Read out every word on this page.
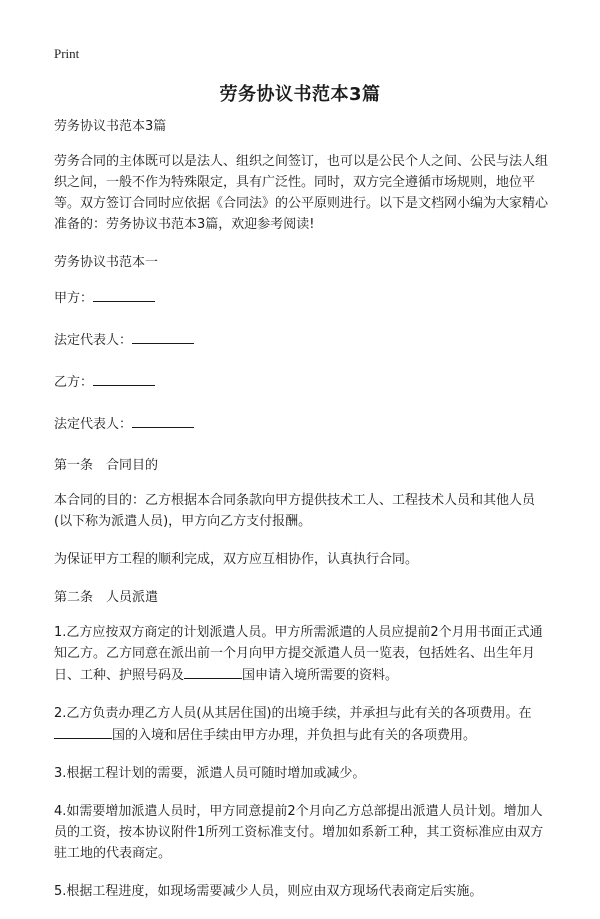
Print
劳务协议书范本3篇

劳务协议书范本3篇

劳务合同的主体既可以是法人、组织之间签订，也可以是公民个人之间、公民与法人组织之间，一般不作为特殊限定，具有广泛性。同时，双方完全遵循市场规则，地位平等。双方签订合同时应依据《合同法》的公平原则进行。以下是文档网小编为大家精心准备的：劳务协议书范本3篇，欢迎参考阅读!

劳务协议书范本一

甲方：
法定代表人：
乙方：
法定代表人：

第一条　合同目的

本合同的目的：乙方根据本合同条款向甲方提供技术工人、工程技术人员和其他人员(以下称为派遣人员)，甲方向乙方支付报酬。

为保证甲方工程的顺利完成，双方应互相协作，认真执行合同。

第二条　人员派遣

1.乙方应按双方商定的计划派遣人员。甲方所需派遣的人员应提前2个月用书面正式通知乙方。乙方同意在派出前一个月向甲方提交派遣人员一览表，包括姓名、出生年月日、工种、护照号码及	国申请入境所需要的资料。

2.乙方负责办理乙方人员(从其居住国)的出境手续，并承担与此有关的各项费用。在国的入境和居住手续由甲方办理，并负担与此有关的各项费用。

3.根据工程计划的需要，派遣人员可随时增加或减少。

4.如需要增加派遣人员时，甲方同意提前2个月向乙方总部提出派遣人员计划。增加人员的工资，按本协议附件1所列工资标准支付。增加如系新工种，其工资标准应由双方驻工地的代表商定。

5.根据工程进度，如现场需要减少人员，则应由双方现场代表商定后实施。
